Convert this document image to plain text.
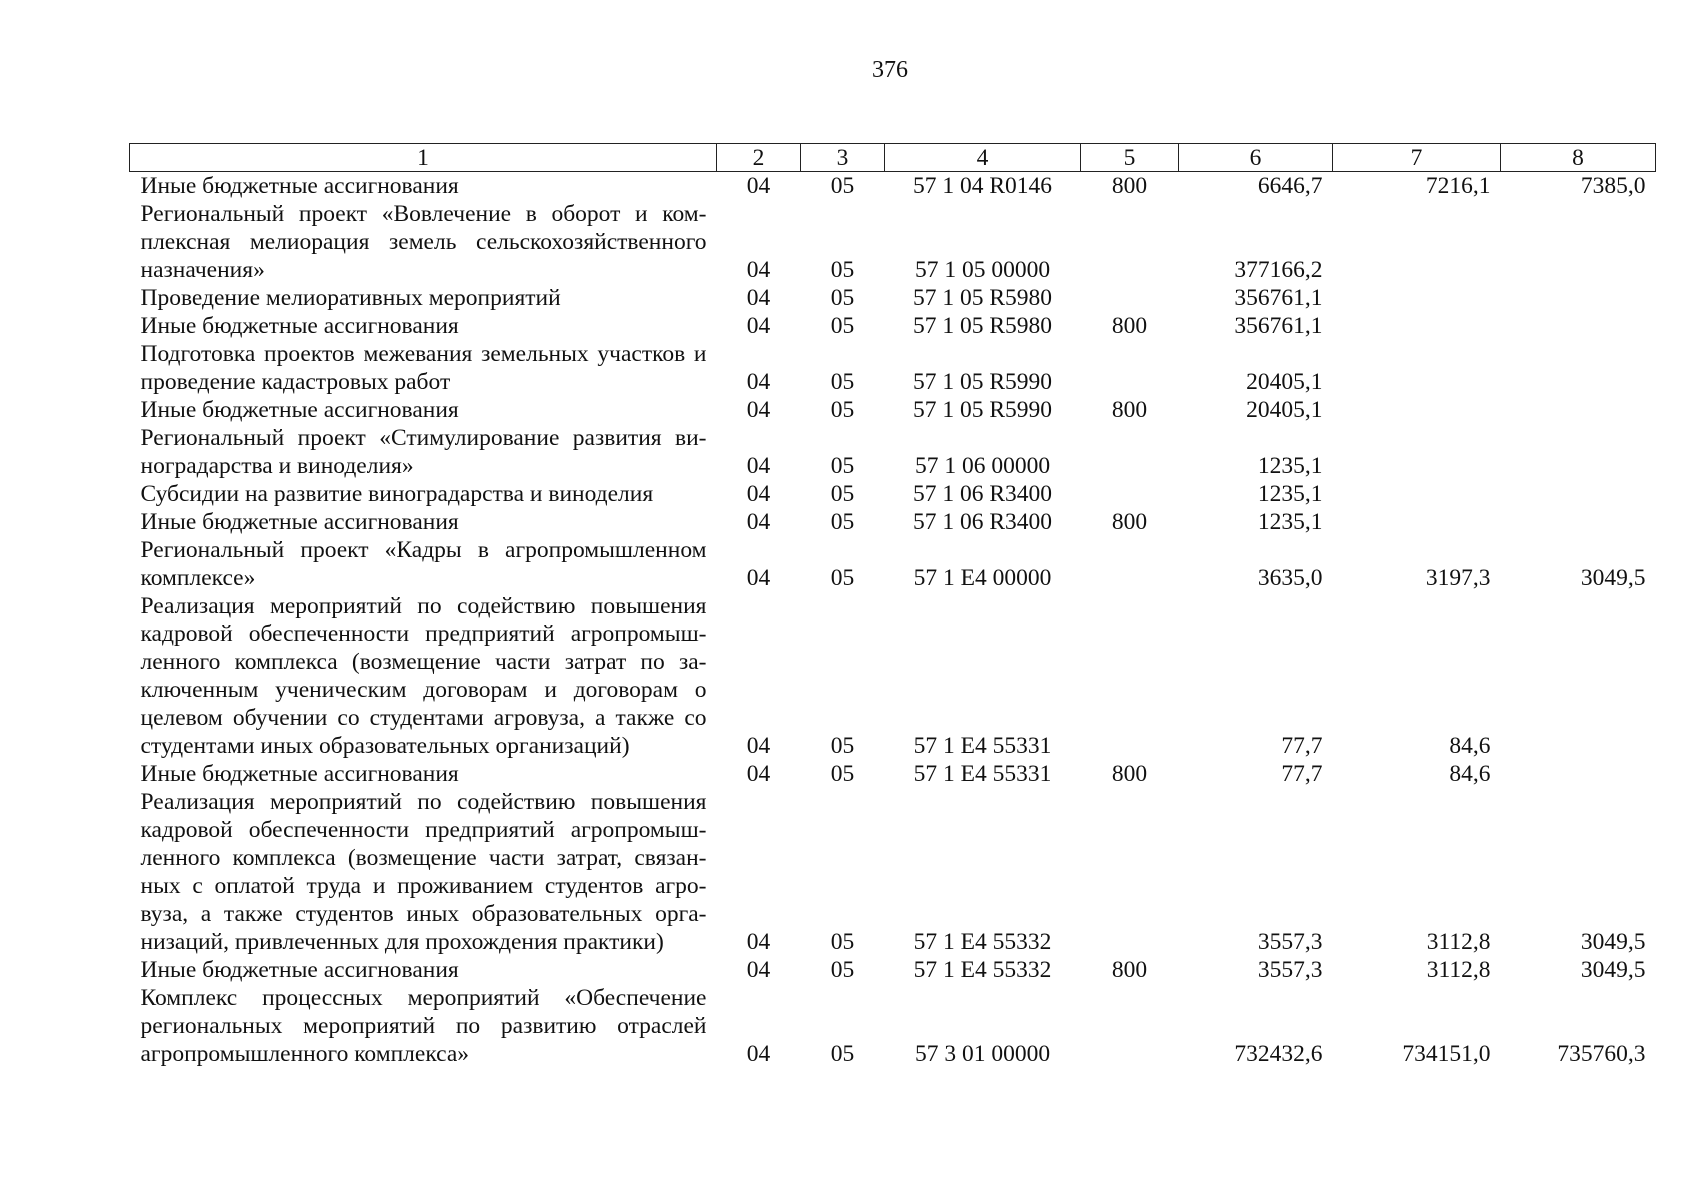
376
1	2	3	4	5	6	7	8
Иные бюджетные ассигнования	04	05	57 1 04 R0146	800	6646,7	7216,1	7385,0
Региональный проект «Вовлечение в оборот и ком-плексная мелиорация земель сельскохозяйственного назначения»	04	05	57 1 05 00000		377166,2		
Проведение мелиоративных мероприятий	04	05	57 1 05 R5980		356761,1		
Иные бюджетные ассигнования	04	05	57 1 05 R5980	800	356761,1		
Подготовка проектов межевания земельных участков и проведение кадастровых работ	04	05	57 1 05 R5990		20405,1		
Иные бюджетные ассигнования	04	05	57 1 05 R5990	800	20405,1		
Региональный проект «Стимулирование развития ви-ноградарства и виноделия»	04	05	57 1 06 00000		1235,1		
Субсидии на развитие виноградарства и виноделия	04	05	57 1 06 R3400		1235,1		
Иные бюджетные ассигнования	04	05	57 1 06 R3400	800	1235,1		
Региональный проект «Кадры в агропромышленном комплексе»	04	05	57 1 Е4 00000		3635,0	3197,3	3049,5
Реализация мероприятий по содействию повышения кадровой обеспеченности предприятий агропромыш-ленного комплекса (возмещение части затрат по за-ключенным ученическим договорам и договорам о целевом обучении со студентами агровуза, а также со студентами иных образовательных организаций)	04	05	57 1 Е4 55331		77,7	84,6	
Иные бюджетные ассигнования	04	05	57 1 Е4 55331	800	77,7	84,6	
Реализация мероприятий по содействию повышения кадровой обеспеченности предприятий агропромыш-ленного комплекса (возмещение части затрат, связан-ных с оплатой труда и проживанием студентов агро-вуза, а также студентов иных образовательных орга-низаций, привлеченных для прохождения практики)	04	05	57 1 Е4 55332		3557,3	3112,8	3049,5
Иные бюджетные ассигнования	04	05	57 1 Е4 55332	800	3557,3	3112,8	3049,5
Комплекс процессных мероприятий «Обеспечение региональных мероприятий по развитию отраслей агропромышленного комплекса»	04	05	57 3 01 00000		732432,6	734151,0	735760,3
